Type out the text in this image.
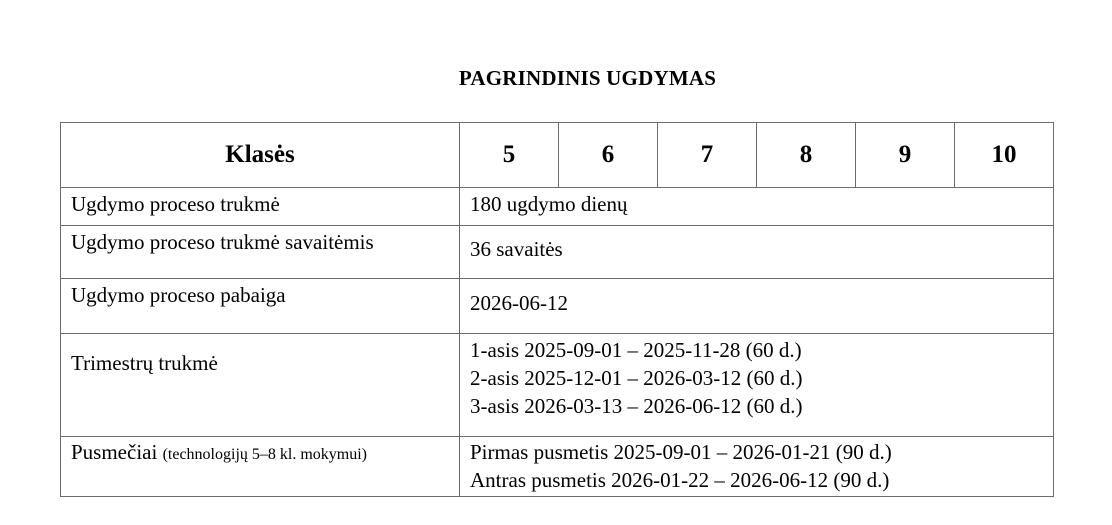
PAGRINDINIS UGDYMAS
Klasės	5	6	7	8	9	10
Ugdymo proceso trukmė	180 ugdymo dienų					

Ugdymo proceso trukmė savaitėmis	36 savaitės					

Ugdymo proceso pabaiga	2026-06-12					

Trimestrų trukmė	1-asis 2025-09-01 – 2025-11-28 (60 d.)
2-asis 2025-12-01 – 2026-03-12 (60 d.)
3-asis 2026-03-13 – 2026-06-12 (60 d.)					

Pusmečiai (technologijų 5–8 kl. mokymui)	Pirmas pusmetis 2025-09-01 – 2026-01-21 (90 d.)
Antras pusmetis 2026-01-22 – 2026-06-12 (90 d.)					
